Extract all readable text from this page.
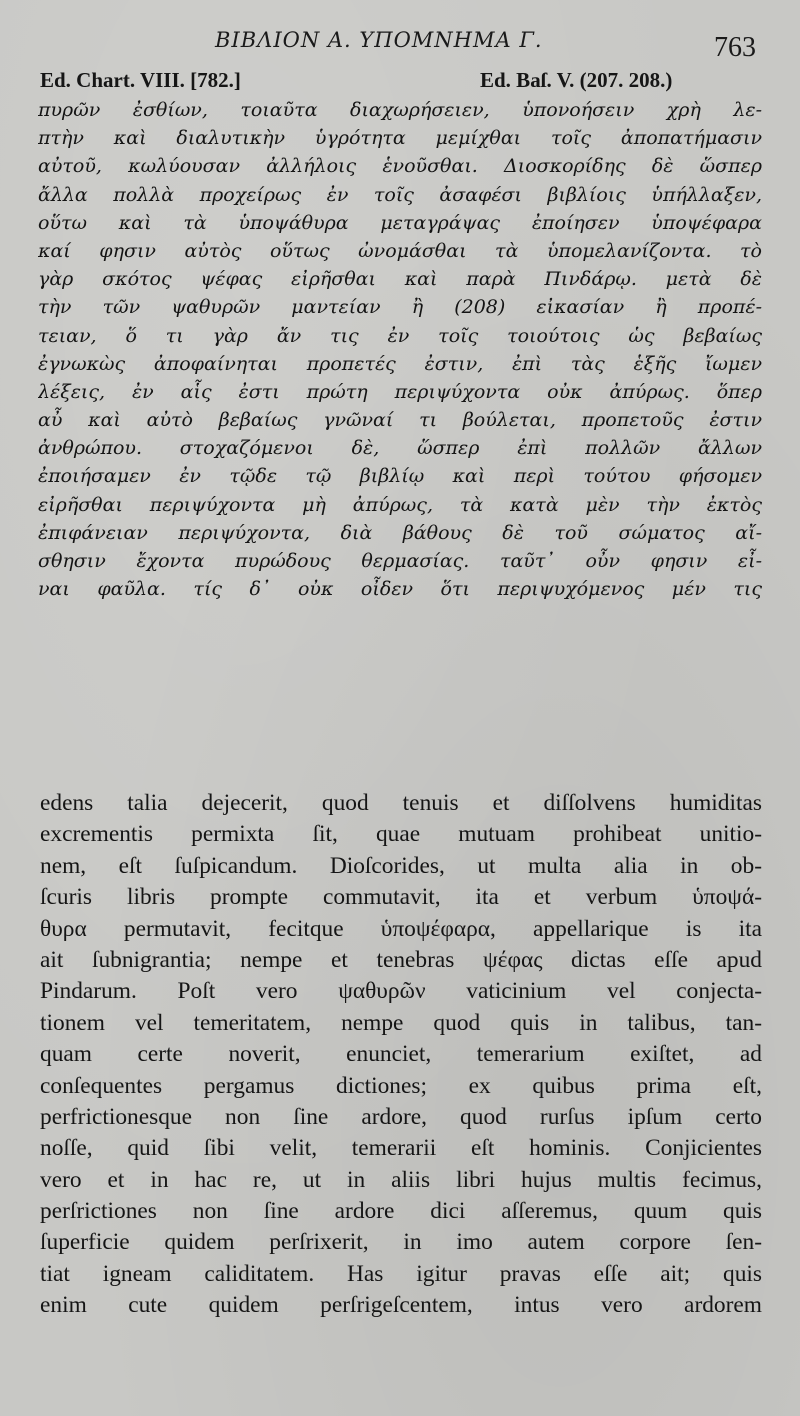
ΒΙΒΛΙΟΝ Α. ΥΠΟΜΝΗΜΑ Γ.	763
Ed. Chart. VIII. [782.]	Ed. Baſ. V. (207. 208.)
πυρῶν ἐσθίων, τοιαῦτα διαχωρήσειεν, ὑπονοήσειν χρὴ λε-
πτὴν καὶ διαλυτικὴν ὑγρότητα μεμίχθαι τοῖς ἀποπατήμασιν
αὐτοῦ, κωλύουσαν ἀλλήλοις ἑνοῦσθαι. Διοσκορίδης δὲ ὥσπερ
ἄλλα πολλὰ προχείρως ἐν τοῖς ἀσαφέσι βιβλίοις ὑπήλλαξεν,
οὕτω καὶ τὰ ὑποψάθυρα μεταγράψας ἐποίησεν ὑποψέφαρα
καί φησιν αὐτὸς οὕτως ὠνομάσθαι τὰ ὑπομελανίζοντα. τὸ
γὰρ σκότος ψέφας εἰρῆσθαι καὶ παρὰ Πινδάρῳ. μετὰ δὲ
τὴν τῶν ψαθυρῶν μαντείαν ἢ (208) εἰκασίαν ἢ προπέ-
τειαν, ὅ τι γὰρ ἄν τις ἐν τοῖς τοιούτοις ὡς βεβαίως
ἐγνωκὼς ἀποφαίνηται προπετές ἐστιν, ἐπὶ τὰς ἑξῆς ἴωμεν
λέξεις, ἐν αἷς ἐστι πρώτη περιψύχοντα οὐκ ἀπύρως. ὅπερ
αὖ καὶ αὐτὸ βεβαίως γνῶναί τι βούλεται, προπετοῦς ἐστιν
ἀνθρώπου. στοχαζόμενοι δὲ, ὥσπερ ἐπὶ πολλῶν ἄλλων
ἐποιήσαμεν ἐν τῷδε τῷ βιβλίῳ καὶ περὶ τούτου φήσομεν
εἰρῆσθαι περιψύχοντα μὴ ἀπύρως, τὰ κατὰ μὲν τὴν ἐκτὸς
ἐπιφάνειαν περιψύχοντα, διὰ βάθους δὲ τοῦ σώματος αἴ-
σθησιν ἔχοντα πυρώδους θερμασίας. ταῦτ᾽ οὖν φησιν εἶ-
ναι φαῦλα. τίς δ᾽ οὐκ οἶδεν ὅτι περιψυχόμενος μέν τις
edens talia dejecerit, quod tenuis et diſſolvens humiditas
excrementis permixta ſit, quae mutuam prohibeat unitio-
nem, eſt ſuſpicandum. Dioſcorides, ut multa alia in ob-
ſcuris libris prompte commutavit, ita et verbum ὑποψά-
θυρα permutavit, fecitque ὑποψέφαρα, appellarique is ita
ait ſubnigrantia; nempe et tenebras ψέφας dictas eſſe apud
Pindarum. Poſt vero ψαθυρῶν vaticinium vel conjecta-
tionem vel temeritatem, nempe quod quis in talibus, tan-
quam certe noverit, enunciet, temerarium exiſtet, ad
conſequentes pergamus dictiones; ex quibus prima eſt,
perfrictionesque non ſine ardore, quod rurſus ipſum certo
noſſe, quid ſibi velit, temerarii eſt hominis. Conjicientes
vero et in hac re, ut in aliis libri hujus multis fecimus,
perſrictiones non ſine ardore dici aſſeremus, quum quis
ſuperficie quidem perſrixerit, in imo autem corpore ſen-
tiat igneam caliditatem. Has igitur pravas eſſe ait; quis
enim cute quidem perſrigeſcentem, intus vero ardorem
